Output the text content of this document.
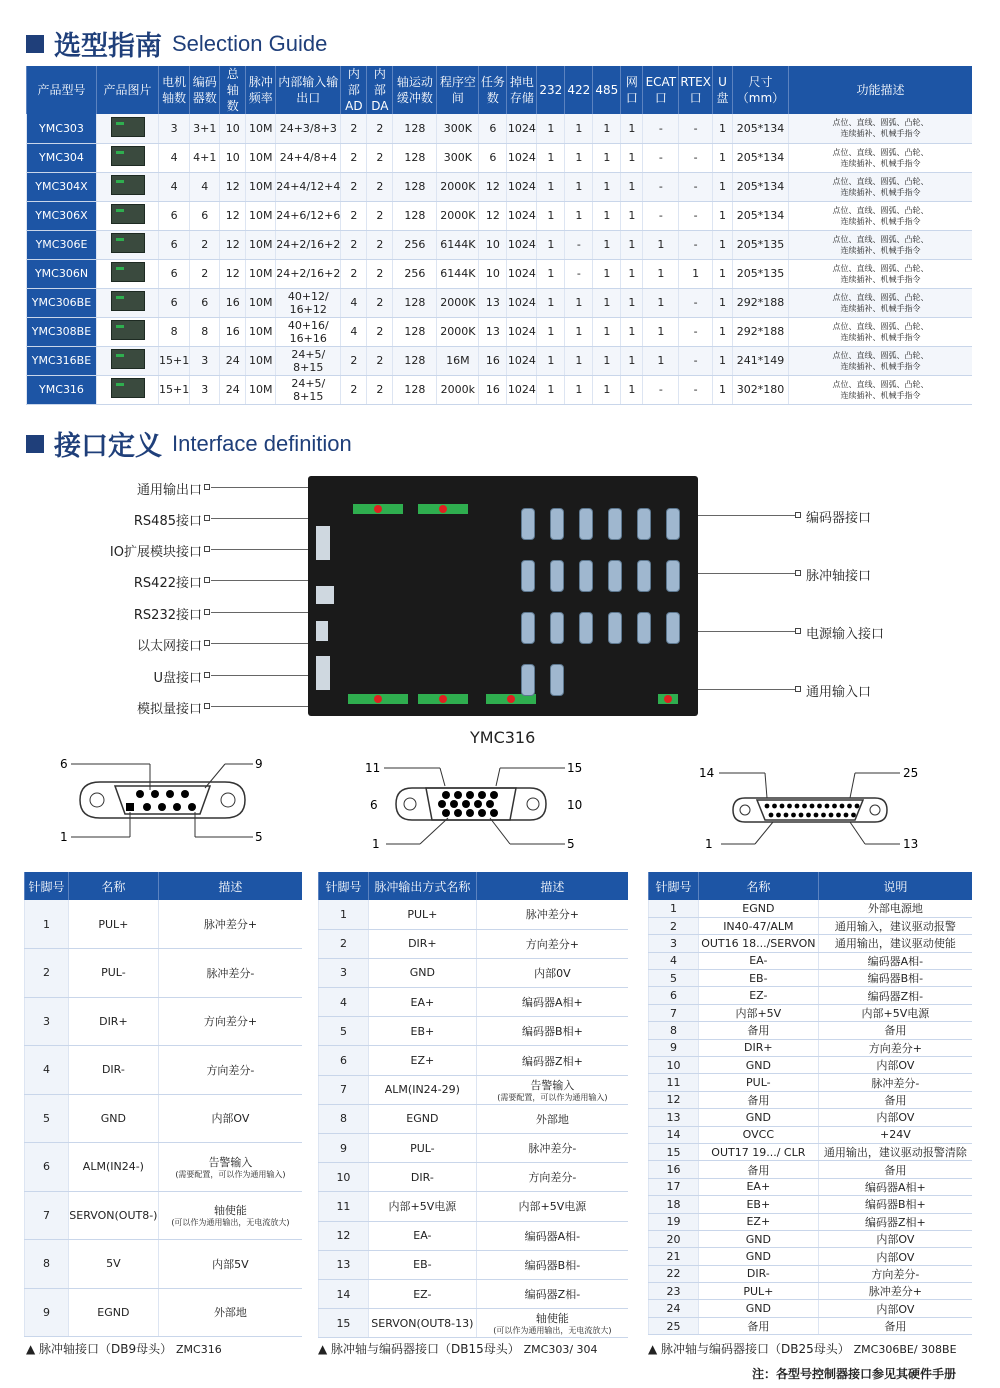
选型指南 Selection Guide
产品型号	产品图片	电机轴数	编码器数	总轴数	脉冲频率	内部输入输出口	内部AD	内部DA	轴运动缓冲数	程序空间	任务数	掉电存储	232	422	485	网口	ECAT口	RTEX口	U盘	尺寸（mm）	功能描述
YMC303		3	3+1	10	10M	24+3/8+3	2	2	128	300K	6	1024	1	1	1	1	-	-	1	205*134	点位、直线、圆弧、凸轮、
连续插补、机械手指令

YMC304		4	4+1	10	10M	24+4/8+4	2	2	128	300K	6	1024	1	1	1	1	-	-	1	205*134	点位、直线、圆弧、凸轮、
连续插补、机械手指令

YMC304X		4	4	12	10M	24+4/12+4	2	2	128	2000K	12	1024	1	1	1	1	-	-	1	205*134	点位、直线、圆弧、凸轮、
连续插补、机械手指令

YMC306X		6	6	12	10M	24+6/12+6	2	2	128	2000K	12	1024	1	1	1	1	-	-	1	205*134	点位、直线、圆弧、凸轮、
连续插补、机械手指令

YMC306E		6	2	12	10M	24+2/16+2	2	2	256	6144K	10	1024	1	-	1	1	1	-	1	205*135	点位、直线、圆弧、凸轮、
连续插补、机械手指令

YMC306N		6	2	12	10M	24+2/16+2	2	2	256	6144K	10	1024	1	-	1	1	1	1	1	205*135	点位、直线、圆弧、凸轮、
连续插补、机械手指令

YMC306BE		6	6	16	10M	40+12/ 16+12	4	2	128	2000K	13	1024	1	1	1	1	1	-	1	292*188	点位、直线、圆弧、凸轮、
连续插补、机械手指令

YMC308BE		8	8	16	10M	40+16/ 16+16	4	2	128	2000K	13	1024	1	1	1	1	1	-	1	292*188	点位、直线、圆弧、凸轮、
连续插补、机械手指令

YMC316BE		15+1	3	24	10M	24+5/ 8+15	2	2	128	16M	16	1024	1	1	1	1	1	-	1	241*149	点位、直线、圆弧、凸轮、
连续插补、机械手指令

YMC316		15+1	3	24	10M	24+5/ 8+15	2	2	128	2000k	16	1024	1	1	1	1	-	-	1	302*180	点位、直线、圆弧、凸轮、
连续插补、机械手指令
接口定义 Interface definition
通用输出口
RS485接口
IO扩展模块接口
RS422接口
RS232接口
以太网接口
U盘接口
模拟量接口
编码器接口
脉冲轴接口
电源输入接口
通用输入口
YMC316
6	9
1	5
11	15
6	10
1	5
14	25
1	13
针脚号	名称	描述
1	PUL+	脉冲差分+

2	PUL-	脉冲差分-

3	DIR+	方向差分+

4	DIR-	方向差分-

5	GND	内部OV

6	ALM(IN24-)	告警输入
(需要配置，可以作为通用输入)

7	SERVON(OUT8-)	轴使能
(可以作为通用输出，无电流放大)

8	5V	内部5V

9	EGND	外部地
针脚号	脉冲输出方式名称	描述
1	PUL+	脉冲差分+

2	DIR+	方向差分+

3	GND	内部0V

4	EA+	编码器A相+

5	EB+	编码器B相+

6	EZ+	编码器Z相+

7	ALM(IN24-29)	告警输入
(需要配置，可以作为通用输入)

8	EGND	外部地

9	PUL-	脉冲差分-

10	DIR-	方向差分-

11	内部+5V电源	内部+5V电源

12	EA-	编码器A相-

13	EB-	编码器B相-

14	EZ-	编码器Z相-

15	SERVON(OUT8-13)	轴使能
(可以作为通用输出，无电流放大)
针脚号	名称	说明
1	EGND	外部电源地

2	IN40-47/ALM	通用输入，建议驱动报警

3	OUT16 18.../SERVON	通用输出，建议驱动使能

4	EA-	编码器A相-

5	EB-	编码器B相-

6	EZ-	编码器Z相-

7	内部+5V	内部+5V电源

8	备用	备用

9	DIR+	方向差分+

10	GND	内部OV

11	PUL-	脉冲差分-

12	备用	备用

13	GND	内部OV

14	OVCC	+24V

15	OUT17 19.../ CLR	通用输出，建议驱动报警清除

16	备用	备用

17	EA+	编码器A相+

18	EB+	编码器B相+

19	EZ+	编码器Z相+

20	GND	内部OV

21	GND	内部OV

22	DIR-	方向差分-

23	PUL+	脉冲差分+

24	GND	内部OV

25	备用	备用
▲ 脉冲轴接口（DB9母头） ZMC316	▲ 脉冲轴与编码器接口（DB15母头） ZMC303/ 304	▲ 脉冲轴与编码器接口（DB25母头） ZMC306BE/ 308BE
注：各型号控制器接口参见其硬件手册
